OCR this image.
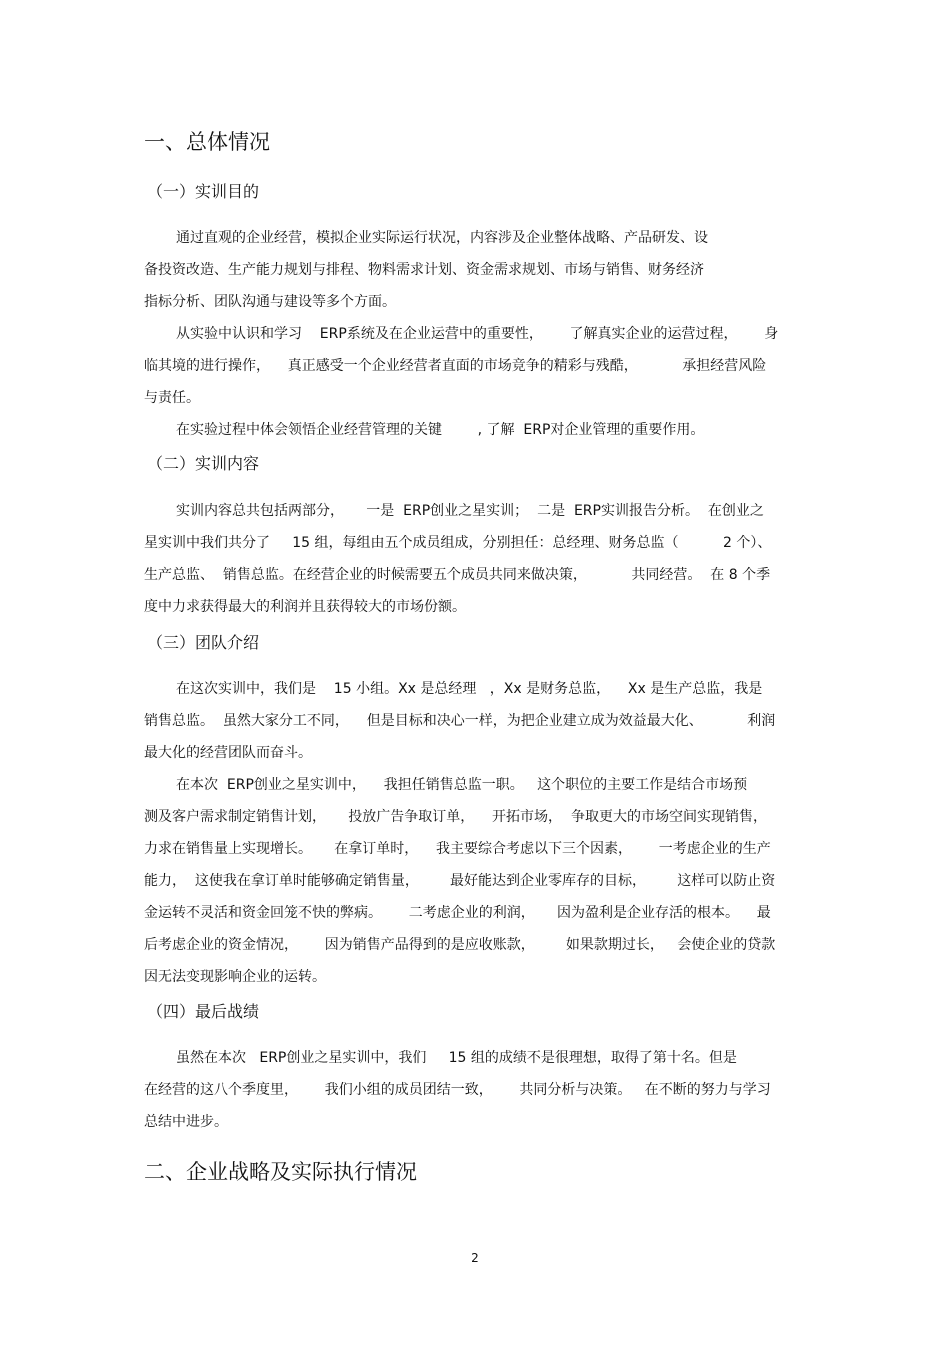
一、总体情况
（一）实训目的
通过直观的企业经营，模拟企业实际运行状况，内容涉及企业整体战略、产品研发、设
备投资改造、生产能力规划与排程、物料需求计划、资金需求规划、市场与销售、财务经济
指标分析、团队沟通与建设等多个方面。
从实验中认识和学习    ERP系统及在企业运营中的重要性，      了解真实企业的运营过程，      身
临其境的进行操作，    真正感受一个企业经营者直面的市场竞争的精彩与残酷，          承担经营风险
与责任。
在实验过程中体会领悟企业经营管理的关键        , 了解  ERP对企业管理的重要作用。
（二）实训内容
实训内容总共包括两部分，     一是  ERP创业之星实训；  二是  ERP实训报告分析。  在创业之
星实训中我们共分了     15 组，每组由五个成员组成，分别担任：总经理、财务总监（          2 个）、
生产总监、  销售总监。在经营企业的时候需要五个成员共同来做决策，          共同经营。  在 8 个季
度中力求获得最大的利润并且获得较大的市场份额。
（三）团队介绍
在这次实训中，我们是    15 小组。Xx 是总经理   ，Xx 是财务总监，    Xx 是生产总监，我是
销售总监。  虽然大家分工不同，    但是目标和决心一样，为把企业建立成为效益最大化、          利润
最大化的经营团队而奋斗。
在本次  ERP创业之星实训中，    我担任销售总监一职。   这个职位的主要工作是结合市场预
测及客户需求制定销售计划，     投放广告争取订单，    开拓市场，  争取更大的市场空间实现销售，
力求在销售量上实现增长。     在拿订单时，    我主要综合考虑以下三个因素，      一考虑企业的生产
能力，  这使我在拿订单时能够确定销售量，       最好能达到企业零库存的目标，       这样可以防止资
金运转不灵活和资金回笼不快的弊病。      二考虑企业的利润，     因为盈利是企业存活的根本。    最
后考虑企业的资金情况，      因为销售产品得到的是应收账款，       如果款期过长，   会使企业的贷款
因无法变现影响企业的运转。
（四）最后战绩
虽然在本次   ERP创业之星实训中，我们     15 组的成绩不是很理想，取得了第十名。但是
在经营的这八个季度里，      我们小组的成员团结一致，      共同分析与决策。   在不断的努力与学习
总结中进步。
二、企业战略及实际执行情况
2
